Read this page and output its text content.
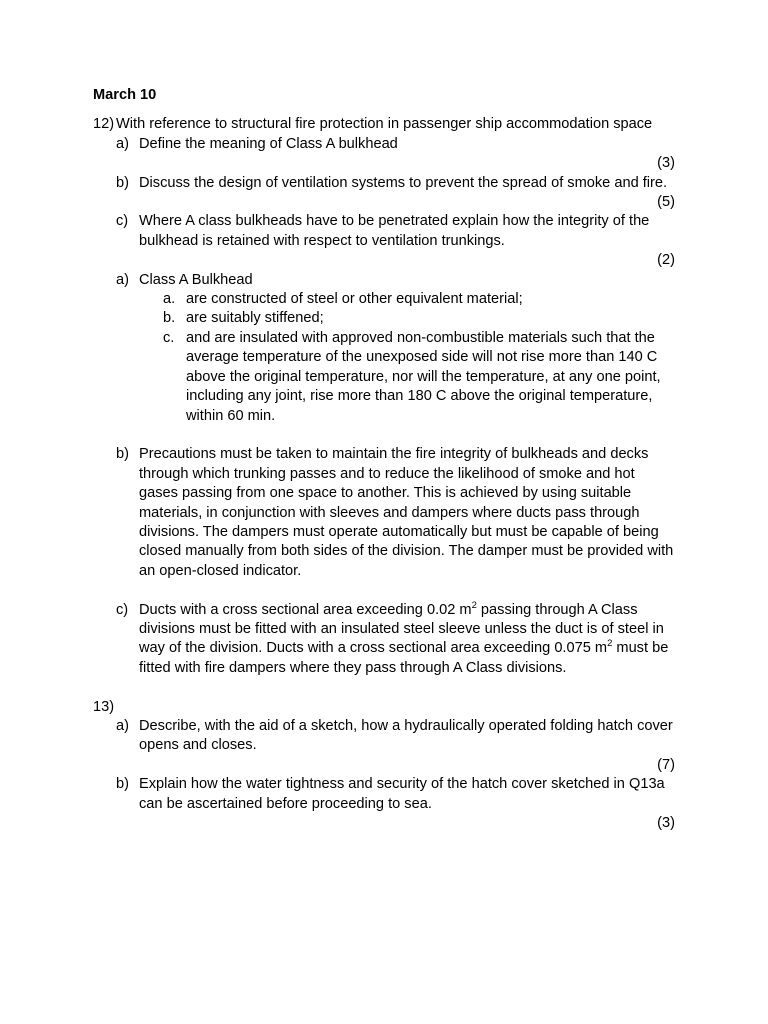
March 10
12) With reference to structural fire protection in passenger ship accommodation space
a) Define the meaning of Class A bulkhead
(3)
b) Discuss the design of ventilation systems to prevent the spread of smoke and fire.
(5)
c) Where A class bulkheads have to be penetrated explain how the integrity of the bulkhead is retained with respect to ventilation trunkings.
(2)
a) Class A Bulkhead
a. are constructed of steel or other equivalent material;
b. are suitably stiffened;
c. and are insulated with approved non-combustible materials such that the average temperature of the unexposed side will not rise more than 140 C above the original temperature, nor will the temperature, at any one point, including any joint, rise more than 180 C above the original temperature, within 60 min.
b) Precautions must be taken to maintain the fire integrity of bulkheads and decks through which trunking passes and to reduce the likelihood of smoke and hot gases passing from one space to another. This is achieved by using suitable materials, in conjunction with sleeves and dampers where ducts pass through divisions. The dampers must operate automatically but must be capable of being closed manually from both sides of the division. The damper must be provided with an open-closed indicator.
c) Ducts with a cross sectional area exceeding 0.02 $m^2$ passing through A Class divisions must be fitted with an insulated steel sleeve unless the duct is of steel in way of the division. Ducts with a cross sectional area exceeding 0.075 $m^2$ must be fitted with fire dampers where they pass through A Class divisions.
13)

a) Describe, with the aid of a sketch, how a hydraulically operated folding hatch cover opens and closes.
(7)
b) Explain how the water tightness and security of the hatch cover sketched in Q13a can be ascertained before proceeding to sea.
(3)
